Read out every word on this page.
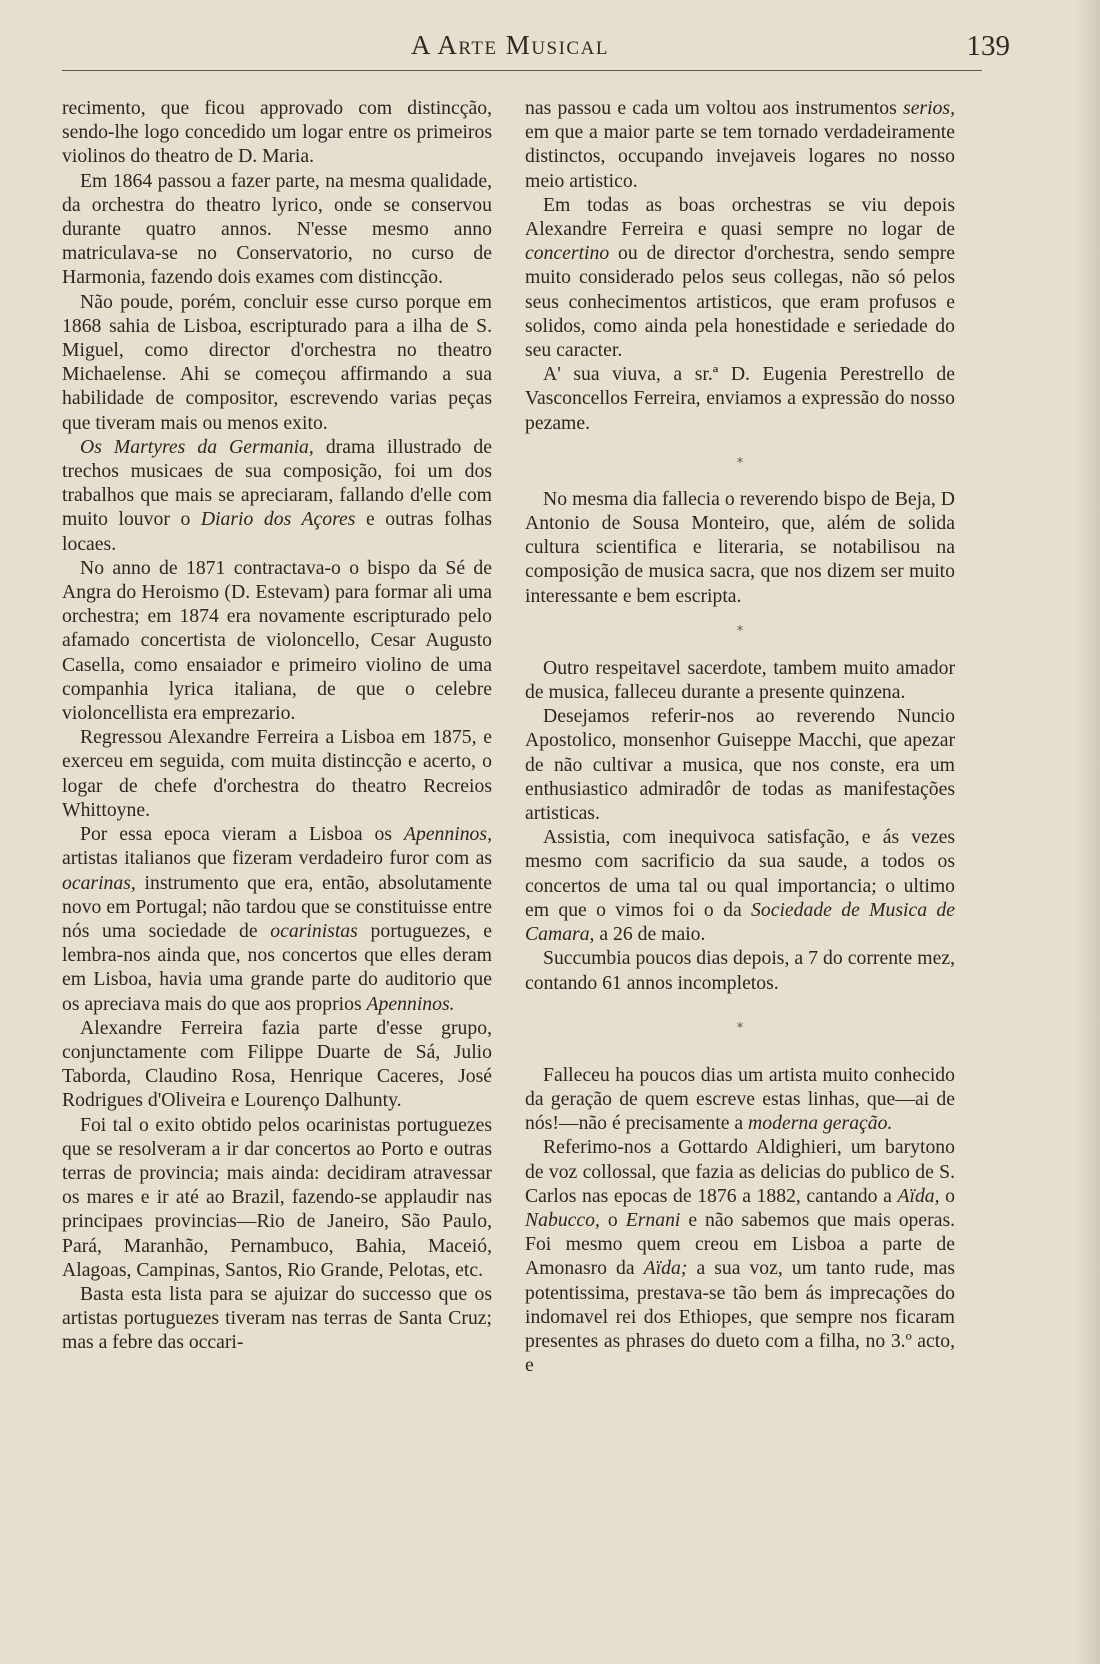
A Arte Musical	139

recimento, que ficou approvado com distincção, sendo-lhe logo concedido um logar entre os primeiros violinos do theatro de D. Maria.

Em 1864 passou a fazer parte, na mesma qualidade, da orchestra do theatro lyrico, onde se conservou durante quatro annos. N'esse mesmo anno matriculava-se no Conservatorio, no curso de Harmonia, fazendo dois exames com distincção.

Não poude, porém, concluir esse curso porque em 1868 sahia de Lisboa, escripturado para a ilha de S. Miguel, como director d'orchestra no theatro Michaelense. Ahi se começou affirmando a sua habilidade de compositor, escrevendo varias peças que tiveram mais ou menos exito.

Os Martyres da Germania, drama illustrado de trechos musicaes de sua composição, foi um dos trabalhos que mais se apreciaram, fallando d'elle com muito louvor o Diario dos Açores e outras folhas locaes.

No anno de 1871 contractava-o o bispo da Sé de Angra do Heroismo (D. Estevam) para formar ali uma orchestra; em 1874 era novamente escripturado pelo afamado concertista de violoncello, Cesar Augusto Casella, como ensaiador e primeiro violino de uma companhia lyrica italiana, de que o celebre violoncellista era emprezario.

Regressou Alexandre Ferreira a Lisboa em 1875, e exerceu em seguida, com muita distincção e acerto, o logar de chefe d'orchestra do theatro Recreios Whittoyne.

Por essa epoca vieram a Lisboa os Apenninos, artistas italianos que fizeram verdadeiro furor com as ocarinas, instrumento que era, então, absolutamente novo em Portugal; não tardou que se constituisse entre nós uma sociedade de ocarinistas portuguezes, e lembra-nos ainda que, nos concertos que elles deram em Lisboa, havia uma grande parte do auditorio que os apreciava mais do que aos proprios Apenninos.

Alexandre Ferreira fazia parte d'esse grupo, conjunctamente com Filippe Duarte de Sá, Julio Taborda, Claudino Rosa, Henrique Caceres, José Rodrigues d'Oliveira e Lourenço Dalhunty.

Foi tal o exito obtido pelos ocarinistas portuguezes que se resolveram a ir dar concertos ao Porto e outras terras de provincia; mais ainda: decidiram atravessar os mares e ir até ao Brazil, fazendo-se applaudir nas principaes provincias—Rio de Janeiro, São Paulo, Pará, Maranhão, Pernambuco, Bahia, Maceió, Alagoas, Campinas, Santos, Rio Grande, Pelotas, etc.

Basta esta lista para se ajuizar do successo que os artistas portuguezes tiveram nas terras de Santa Cruz; mas a febre das occari-

nas passou e cada um voltou aos instrumentos serios, em que a maior parte se tem tornado verdadeiramente distinctos, occupando invejaveis logares no nosso meio artistico.

Em todas as boas orchestras se viu depois Alexandre Ferreira e quasi sempre no logar de concertino ou de director d'orchestra, sendo sempre muito considerado pelos seus collegas, não só pelos seus conhecimentos artisticos, que eram profusos e solidos, como ainda pela honestidade e seriedade do seu caracter.

A' sua viuva, a sr.ª D. Eugenia Perestrello de Vasconcellos Ferreira, enviamos a expressão do nosso pezame.

*

No mesma dia fallecia o reverendo bispo de Beja, D Antonio de Sousa Monteiro, que, além de solida cultura scientifica e literaria, se notabilisou na composição de musica sacra, que nos dizem ser muito interessante e bem escripta.

*

Outro respeitavel sacerdote, tambem muito amador de musica, falleceu durante a presente quinzena.

Desejamos referir-nos ao reverendo Nuncio Apostolico, monsenhor Guiseppe Macchi, que apezar de não cultivar a musica, que nos conste, era um enthusiastico admiradôr de todas as manifestações artisticas.

Assistia, com inequivoca satisfação, e ás vezes mesmo com sacrificio da sua saude, a todos os concertos de uma tal ou qual importancia; o ultimo em que o vimos foi o da Sociedade de Musica de Camara, a 26 de maio.

Succumbia poucos dias depois, a 7 do corrente mez, contando 61 annos incompletos.

*

Falleceu ha poucos dias um artista muito conhecido da geração de quem escreve estas linhas, que—ai de nós!—não é precisamente a moderna geração.

Referimo-nos a Gottardo Aldighieri, um barytono de voz collossal, que fazia as delicias do publico de S. Carlos nas epocas de 1876 a 1882, cantando a Aïda, o Nabucco, o Ernani e não sabemos que mais operas. Foi mesmo quem creou em Lisboa a parte de Amonasro da Aïda; a sua voz, um tanto rude, mas potentissima, prestava-se tão bem ás imprecações do indomavel rei dos Ethiopes, que sempre nos ficaram presentes as phrases do dueto com a filha, no 3.º acto, e
